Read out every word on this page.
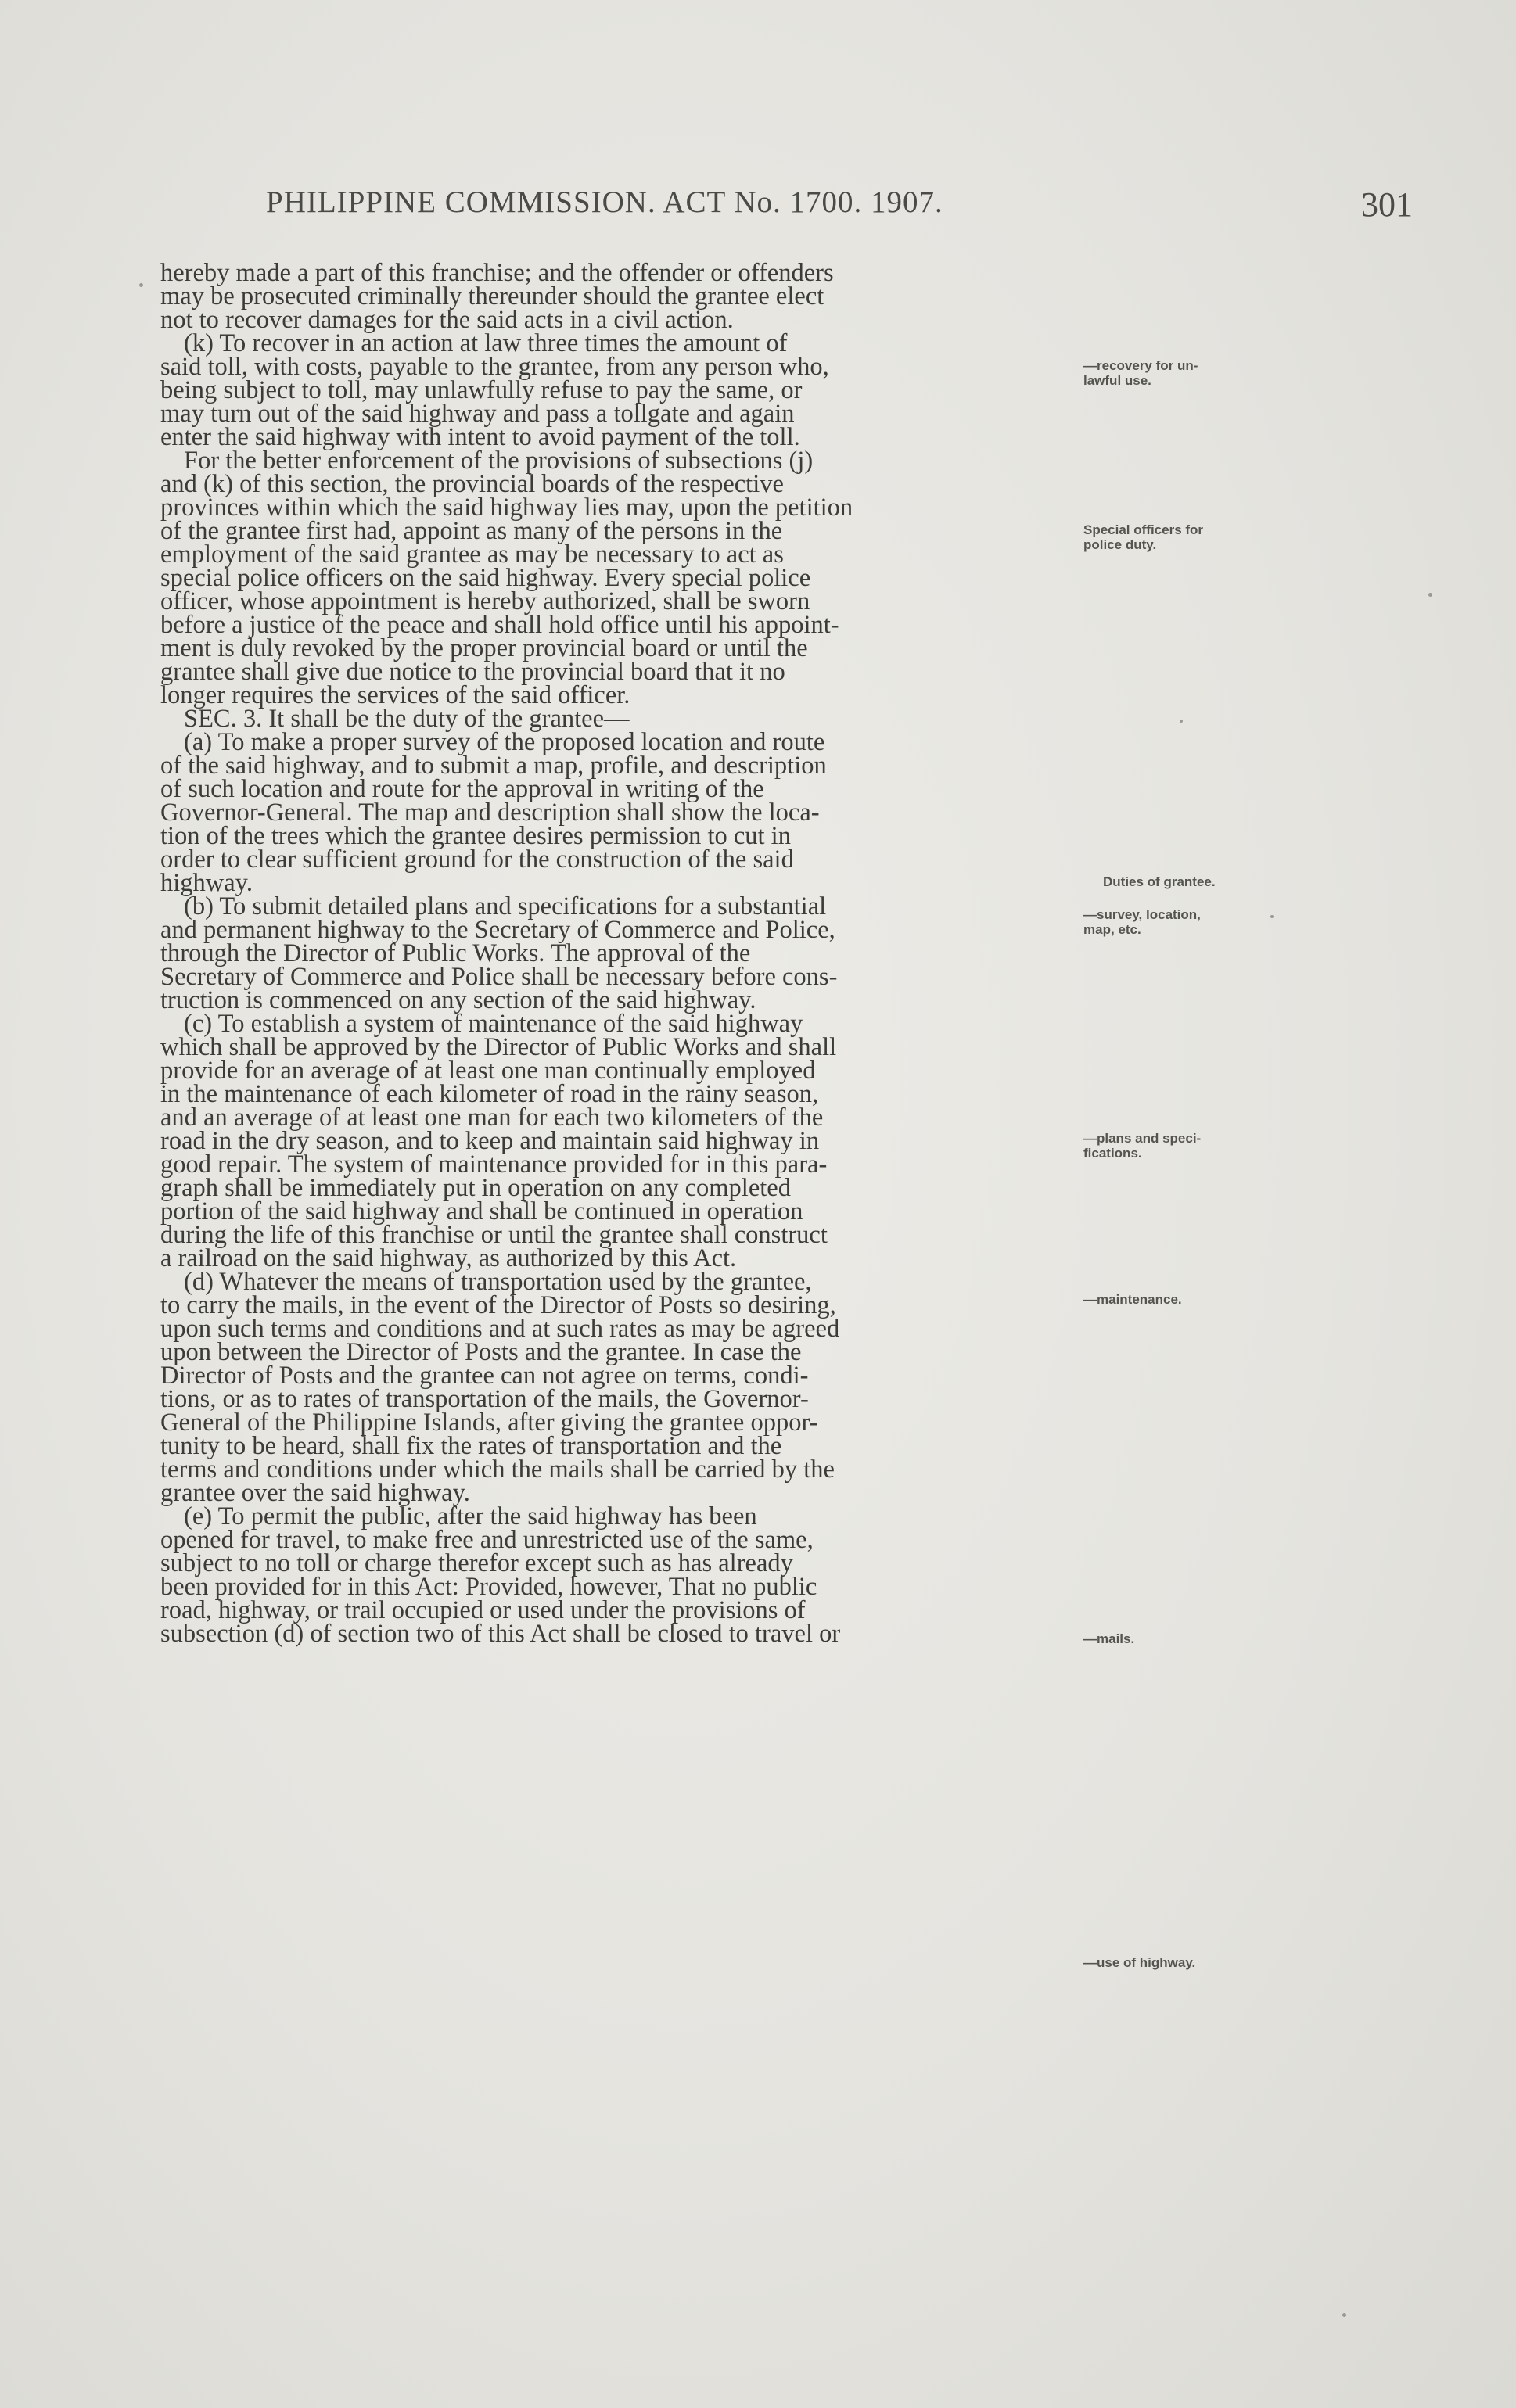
PHILIPPINE COMMISSION. ACT No. 1700. 1907.	301
hereby made a part of this franchise; and the offender or offenders
may be prosecuted criminally thereunder should the grantee elect
not to recover damages for the said acts in a civil action.
(k) To recover in an action at law three times the amount of
said toll, with costs, payable to the grantee, from any person who,
being subject to toll, may unlawfully refuse to pay the same, or
may turn out of the said highway and pass a tollgate and again
enter the said highway with intent to avoid payment of the toll.
For the better enforcement of the provisions of subsections (j)
and (k) of this section, the provincial boards of the respective
provinces within which the said highway lies may, upon the petition
of the grantee first had, appoint as many of the persons in the
employment of the said grantee as may be necessary to act as
special police officers on the said highway. Every special police
officer, whose appointment is hereby authorized, shall be sworn
before a justice of the peace and shall hold office until his appoint-
ment is duly revoked by the proper provincial board or until the
grantee shall give due notice to the provincial board that it no
longer requires the services of the said officer.
SEC. 3. It shall be the duty of the grantee—
(a) To make a proper survey of the proposed location and route
of the said highway, and to submit a map, profile, and description
of such location and route for the approval in writing of the
Governor-General. The map and description shall show the loca-
tion of the trees which the grantee desires permission to cut in
order to clear sufficient ground for the construction of the said
highway.
(b) To submit detailed plans and specifications for a substantial
and permanent highway to the Secretary of Commerce and Police,
through the Director of Public Works. The approval of the
Secretary of Commerce and Police shall be necessary before cons-
truction is commenced on any section of the said highway.
(c) To establish a system of maintenance of the said highway
which shall be approved by the Director of Public Works and shall
provide for an average of at least one man continually employed
in the maintenance of each kilometer of road in the rainy season,
and an average of at least one man for each two kilometers of the
road in the dry season, and to keep and maintain said highway in
good repair. The system of maintenance provided for in this para-
graph shall be immediately put in operation on any completed
portion of the said highway and shall be continued in operation
during the life of this franchise or until the grantee shall construct
a railroad on the said highway, as authorized by this Act.
(d) Whatever the means of transportation used by the grantee,
to carry the mails, in the event of the Director of Posts so desiring,
upon such terms and conditions and at such rates as may be agreed
upon between the Director of Posts and the grantee. In case the
Director of Posts and the grantee can not agree on terms, condi-
tions, or as to rates of transportation of the mails, the Governor-
General of the Philippine Islands, after giving the grantee oppor-
tunity to be heard, shall fix the rates of transportation and the
terms and conditions under which the mails shall be carried by the
grantee over the said highway.
(e) To permit the public, after the said highway has been
opened for travel, to make free and unrestricted use of the same,
subject to no toll or charge therefor except such as has already
been provided for in this Act: Provided, however, That no public
road, highway, or trail occupied or used under the provisions of
subsection (d) of section two of this Act shall be closed to travel or
—recovery for un-
lawful use.
Special officers for
police duty.
Duties of grantee.
—survey, location,
map, etc.
—plans and speci-
fications.
—maintenance.
—mails.
—use of highway.
